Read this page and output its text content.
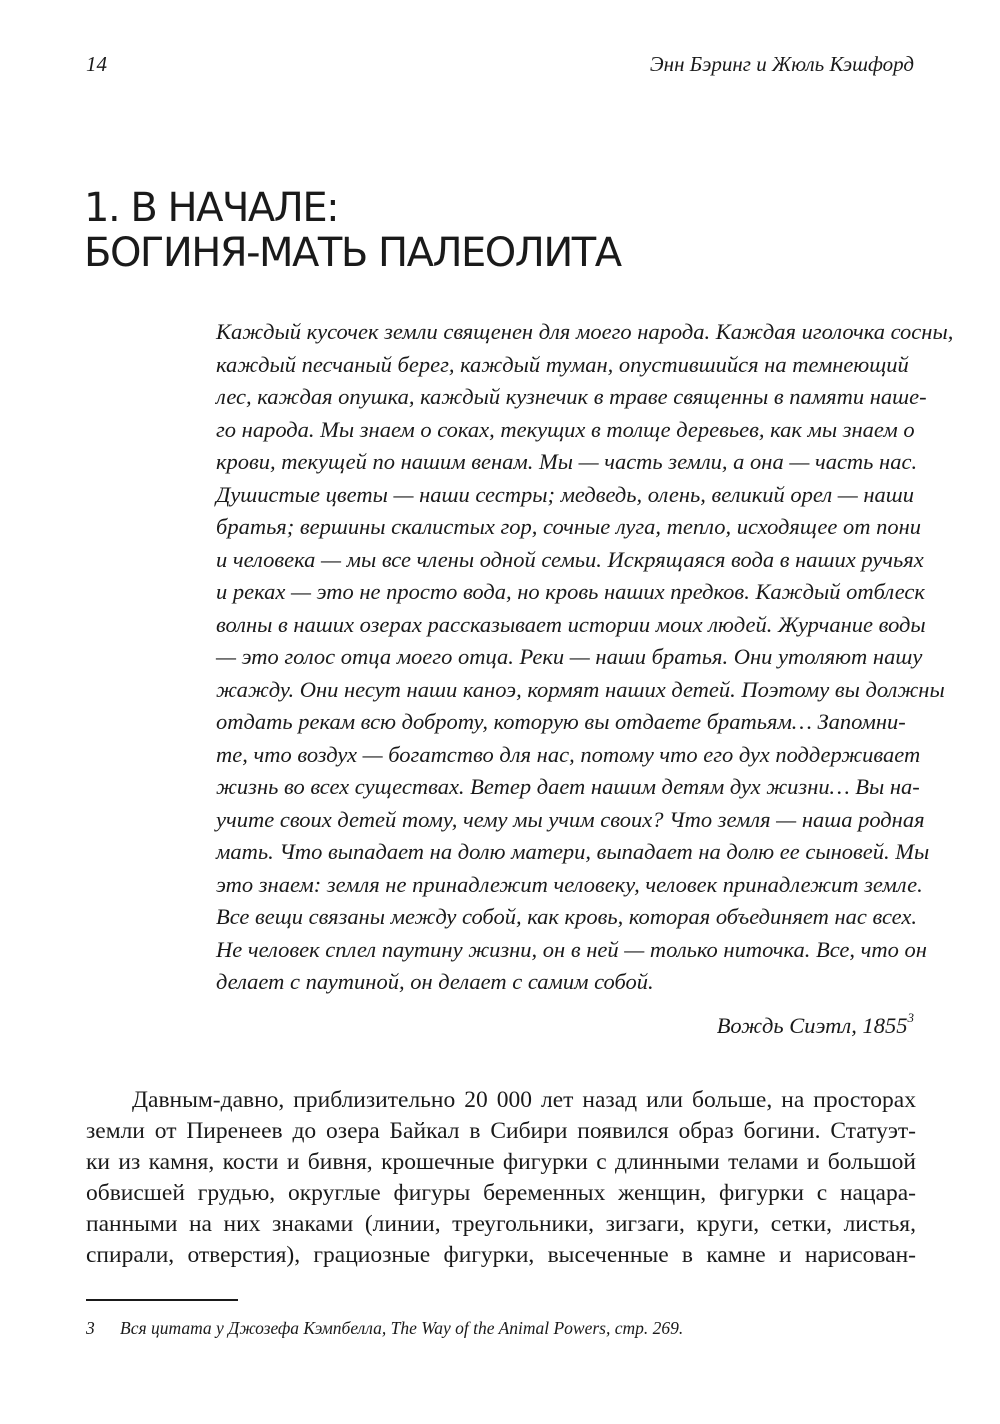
14	Энн Бэринг и Жюль Кэшфорд
1. В НАЧАЛЕ:
БОГИНЯ-МАТЬ ПАЛЕОЛИТА
Каждый кусочек земли священен для моего народа. Каждая иголочка сосны,
каждый песчаный берег, каждый туман, опустившийся на темнеющий
лес, каждая опушка, каждый кузнечик в траве священны в памяти наше-
го народа. Мы знаем о соках, текущих в толще деревьев, как мы знаем о
крови, текущей по нашим венам. Мы — часть земли, а она — часть нас.
Душистые цветы — наши сестры; медведь, олень, великий орел — наши
братья; вершины скалистых гор, сочные луга, тепло, исходящее от пони
и человека — мы все члены одной семьи. Искрящаяся вода в наших ручьях
и реках — это не просто вода, но кровь наших предков. Каждый отблеск
волны в наших озерах рассказывает истории моих людей. Журчание воды
— это голос отца моего отца. Реки — наши братья. Они утоляют нашу
жажду. Они несут наши каноэ, кормят наших детей. Поэтому вы должны
отдать рекам всю доброту, которую вы отдаете братьям… Запомни-
те, что воздух — богатство для нас, потому что его дух поддерживает
жизнь во всех существах. Ветер дает нашим детям дух жизни… Вы на-
учите своих детей тому, чему мы учим своих? Что земля — наша родная
мать. Что выпадает на долю матери, выпадает на долю ее сыновей. Мы
это знаем: земля не принадлежит человеку, человек принадлежит земле.
Все вещи связаны между собой, как кровь, которая объединяет нас всех.
Не человек сплел паутину жизни, он в ней — только ниточка. Все, что он
делает с паутиной, он делает с самим собой.
Вождь Сиэтл, 1855$^3$

Давным-давно, приблизительно 20 000 лет назад или больше, на просторах
земли от Пиренеев до озера Байкал в Сибири появился образ богини. Статуэт-
ки из камня, кости и бивня, крошечные фигурки с длинными телами и большой
обвисшей грудью, округлые фигуры беременных женщин, фигурки с нацара-
панными на них знаками (линии, треугольники, зигзаги, круги, сетки, листья,
спирали, отверстия), грациозные фигурки, высеченные в камне и нарисован-

3 Вся цитата у Джозефа Кэмпбелла, The Way of the Animal Powers, стр. 269.
